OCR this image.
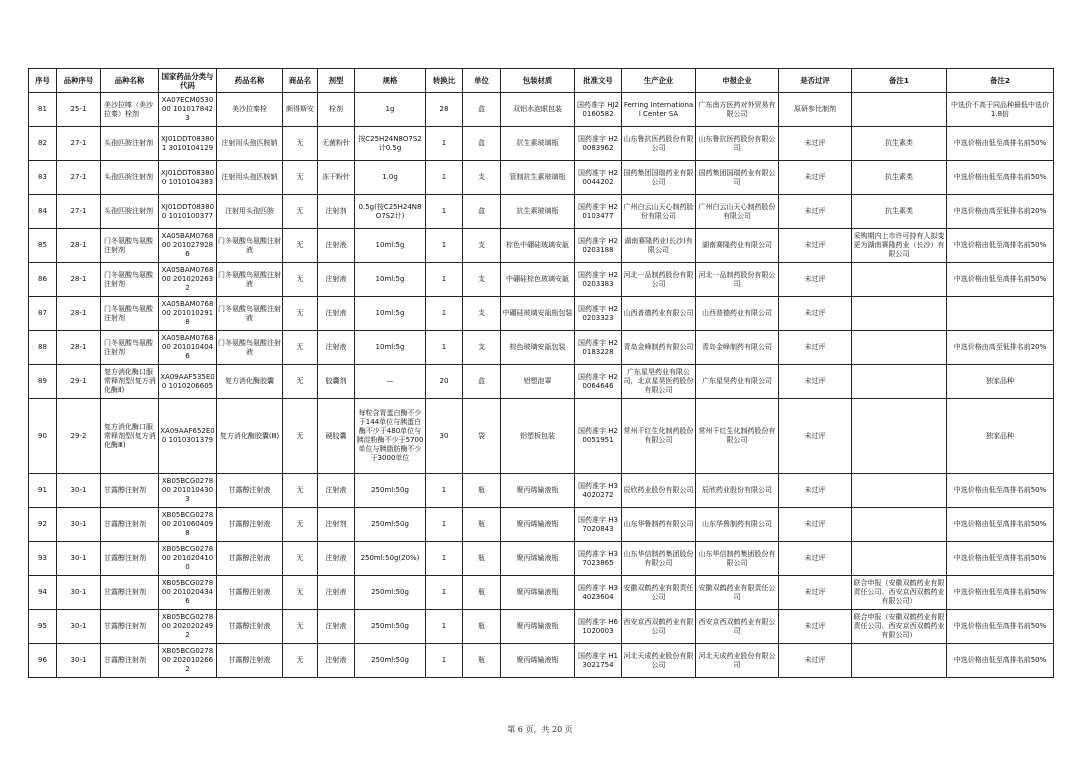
序号	品种序号	品种名称	国家药品分类与代码	药品名称	商品名	剂型	规格	转换比	单位	包装材质	批准文号	生产企业	申报企业	是否过评	备注1	备注2
81	25-1	美沙拉嗪（美沙拉秦）栓剂	XA07ECM053000 1010178423	美沙拉秦栓	颇得斯安	栓剂	1g	28	盒	双铝水泡眼包装	国药准字 HJ20160582	Ferring International Center SA	广东南方医药对外贸易有限公司	原研参比制剂		中选价不高于同品种最低中选价1.8倍
82	27-1	头孢匹胺注射剂	XJ01DDT083801 3010104129	注射用头孢匹胺钠	无	无菌粉针	按C25H24N8O7S2计0.5g	1	盒	抗生素玻璃瓶	国药准字 H20083962	山东鲁抗医药股份有限公司	山东鲁抗医药股份有限公司	未过评	抗生素类	中选价格由低至高排名前50%
83	27-1	头孢匹胺注射剂	XJ01DDT083800 1010104383	注射用头孢匹胺钠	无	冻干粉针	1.0g	1	支	管制抗生素玻璃瓶	国药准字 H20044202	国药集团国瑞药业有限公司	国药集团国瑞药业有限公司	未过评	抗生素类	中选价格由低至高排名前50%
84	27-1	头孢匹胺注射剂	XJ01DDT083800 1010100377	注射用头孢匹胺	无	注射剂	0.5g(按C25H24N8O7S2计)	1	盒	抗生素玻璃瓶	国药准字 H20103477	广州白云山天心制药股份有限公司	广州白云山天心制药股份有限公司	未过评	抗生素类	中选价格由高至低排名前20%
85	28-1	门冬氨酸鸟氨酸注射剂	XA05BAM076800 2010279286	门冬氨酸鸟氨酸注射液	无	注射液	10ml:5g	1	支	棕色中硼硅玻璃安瓿	国药准字 H20203188	湖南赛隆药业(长沙)有限公司	湖南赛隆药业有限公司	未过评	采购期内上市许可持有人拟变更为湖南赛隆药业（长沙）有限公司	中选价格由低至高排名前50%
86	28-1	门冬氨酸鸟氨酸注射剂	XA05BAM076800 2010202632	门冬氨酸鸟氨酸注射液	无	注射液	10ml:5g	1	支	中硼硅棕色玻璃安瓿	国药准字 H20203383	河北一品制药股份有限公司	河北一品制药股份有限公司	未过评		中选价格由低至高排名前50%
87	28-1	门冬氨酸鸟氨酸注射剂	XA05BAM076800 2010102918	门冬氨酸鸟氨酸注射液	无	注射液	10ml:5g	1	支	中硼硅玻璃安瓿瓶包装	国药准字 H20203323	山西普德药业有限公司	山西普德药业有限公司	未过评		
88	28-1	门冬氨酸鸟氨酸注射剂	XA05BAM076800 2010104046	门冬氨酸鸟氨酸注射液	无	注射液	10ml:5g	1	支	棕色玻璃安瓿包装	国药准字 H20183228	青岛金峰制药有限公司	青岛金峰制药有限公司	未过评		中选价格由高至低排名前20%
89	29-1	复方消化酶口服常释剂型(复方消化酶Ⅱ)	XA09AAF535E00 1010206605	复方消化酶胶囊	无	胶囊剂	—	20	盒	铝塑泡罩	国药准字 H20064646	广东星昊药业有限公司，北京星昊医药股份有限公司	广东星昊药业有限公司	未过评		独家品种
90	29-2	复方消化酶口服常释剂型(复方消化酶Ⅲ)	XA09AAF652E00 1010301379	复方消化酶胶囊(Ⅲ)	无	硬胶囊	每粒含胃蛋白酶不少于144单位与胰蛋白酶不少于480单位与胰淀粉酶不少于5700单位与胰脂肪酶不少于3000单位	30	袋	铝塑板包装	国药准字 H20051951	常州千红生化制药股份有限公司	常州千红生化制药股份有限公司	未过评		独家品种
91	30-1	甘露醇注射剂	XB05BCG027800 2010104303	甘露醇注射液	无	注射液	250ml:50g	1	瓶	聚丙烯输液瓶	国药准字 H34020272	辰欣药业股份有限公司	辰欣药业股份有限公司	未过评		中选价格由低至高排名前50%
92	30-1	甘露醇注射剂	XB05BCG027800 2010604098	甘露醇注射液	无	注射剂	250ml:50g	1	瓶	聚丙烯输液瓶	国药准字 H37020843	山东华鲁制药有限公司	山东华鲁制药有限公司	未过评		中选价格由低至高排名前50%
93	30-1	甘露醇注射剂	XB05BCG027800 2010204100	甘露醇注射液	无	注射液	250ml:50g(20%)	1	瓶	聚丙烯输液瓶	国药准字 H37023865	山东华信制药集团股份有限公司	山东华信制药集团股份有限公司	未过评		中选价格由低至高排名前50%
94	30-1	甘露醇注射剂	XB05BCG027800 2010204346	甘露醇注射液	无	注射液	250ml:50g	1	瓶	聚丙烯输液瓶	国药准字 H34023604	安徽双鹤药业有限责任公司	安徽双鹤药业有限责任公司	未过评	联合申报（安徽双鹤药业有限责任公司、西安京西双鹤药业有限公司）	中选价格由低至高排名前50%
95	30-1	甘露醇注射剂	XB05BCG027800 2020202492	甘露醇注射液	无	注射液	250ml:50g	1	瓶	聚丙烯输液瓶	国药准字 H61020003	西安京西双鹤药业有限公司	西安京西双鹤药业有限公司	未过评	联合申报（安徽双鹤药业有限责任公司、西安京西双鹤药业有限公司）	中选价格由低至高排名前50%
96	30-1	甘露醇注射剂	XB05BCG027800 2020102662	甘露醇注射液	无	注射液	250ml:50g	1	瓶	聚丙烯输液瓶	国药准字 H13021754	河北天成药业股份有限公司	河北天成药业股份有限公司	未过评		中选价格由低至高排名前50%
第 6 页，共 20 页
